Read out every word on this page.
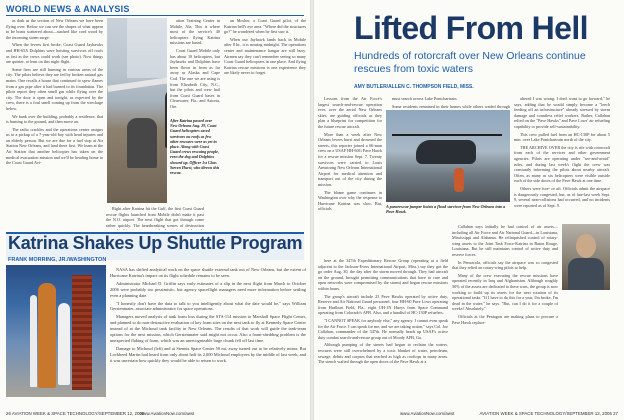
WORLD NEWS & ANALYSIS

as dark as the section of New Orleans we have been flying over. Below we can see the shapes of what appear to be boats scattered about—stacked like cord wood by the incoming storm surge.

When the levees first broke, Coast Guard Jayhawks and HH-65A Dolphins were hoisting survivors off roofs as fast as the crews could work (see photo). Now things are quieter, at least on this night flight.

Some fires are still burning in various areas of the city. The pilots believe they are fed by broken natural gas mains. One recalls a house that continued to spew flames from a gas pipe after it had burned to its foundation. The pilots report they often smell gas while flying over the city. The door is open and tonight, as expected by the crew, there is a foul smell coming up from the wreckage below.

We bank over the building, probably a residence, that is burning to the ground, and then move on.

The radio crackles and the operations center assigns us to a pickup of a 7-year-old boy with head injuries and an elderly person. But we are due for a fuel stop at Air Station New Orleans, and land there first. We learn at the Air Station that another helicopter has taken on the medical evacuation mission and we'll be heading home to the Coast Guard Avi-

ation Training Center in Mobile, Ala. This is where most of the service's 40 helicopters flying Katrina missions are based.

Coast Guard Mobile only has about 10 helicopters, but Jayhawks and Dolphins have been flown in from as far away as Alaska and Cape Cod. The one we are using is from Elizabeth City, N.C., but the pilots and crew hail from Coast Guard bases in Clearwater, Fla., and Astoria, Ore.

After Katrina passed over New Orleans Aug. 29, Coast Guard helicopters saved survivors on roofs as few other rescuers were as yet in place. Along with Coast Guard crews rescuing people, even the dog and Dolphins showed up. Officer 1st Class Steven Hurst, who directs this rescue.

Right after Katrina hit the Gulf, the first Coast Guard rescue flights launched from Mobile didn't make it past the N.O. airport. The next flight that got through came rather quickly. The heartbreaking scenes of destruction

an Mosher, a Coast Guard pilot, of the Katrina hell's eye area. "Where did the structures go?" he wondered when he first saw it.

When our Jayhawk lands back in Mobile after 8 hr., it is nearing midnight. The operations center and maintenance hangar are still busy. Airmen say they can't remember seeing so many Coast Guard helicopters in one place. And flying Katrina rescue missions is one experience they are likely never to forget.

Katrina Shakes Up Shuttle Program
FRANK MORRING, JR./WASHINGTON

NASA has shifted analytical work on the space shuttle external tank out of New Orleans, but the extent of Hurricane Katrina's impact on its flight schedule remains to be seen.

Administrator Michael D. Griffin says early estimates of a slip in the next flight from March to October 2006 were probably too pessimistic, but agency spaceflight managers need more information before settling even a planning date.

"I honestly don't have the data to talk to you intelligently about what the date would be," says William Gerstenmaier, associate administrator for space operations.

Managers moved analysis of tank foam loss during the STS-114 mission to Marshall Space Flight Center, and planned to do non-destructive evaluation of key foam sites on the next tank to fly at Kennedy Space Center instead of at the Michoud tank facility in New Orleans. The results of that work will guide the tank-team options for the next mission, which Gerstenmaier said might not occur. Also a foam-shedding problem is the unexpected flaking of foam, which was an unrecognizable large chunk fell off last time.

Damage to Michoud (left) and at Stennis Space Center 50 mi. away turned out to be relatively minor. But Lockheed Martin had heard from only about half its 2,000 Michoud employees by the middle of last week, and it was uncertain how quickly they would be able to return to work.

26 AVIATION WEEK & SPACE TECHNOLOGY/SEPTEMBER 12, 2005
www.AviationNow.com/awst
Lifted From Hell
Hundreds of rotorcraft over New Orleans continue rescues from toxic waters
AMY BUTLER/ALLEN C. THOMPSON FIELD, MISS.

Lessons from the Air Force's largest search-and-rescue operation ever, over the aerial New Orleans skies, are guiding officials as they plan a blueprint for competition for the future rescue aircraft.

More than a week after New Orleans levees burst and drowned the streets, this reporter joined a 66-man crew on a USAF HH-60G Pave Hawk for a rescue mission Sept. 7. Twenty survivors were carried to Louis Armstrong New Orleans International Airport for medical attention and transport out of the city during the mission.

The blame game continues in Washington over why the response to Hurricane Katrina was slow. But, officials

must search across Lake Pontchartrain.

Some residents remained in their homes while others waded through

A pararescue jumper hoists a flood survivor from New Orleans into a Pave Hawk.

here at the 347th Expeditionary Rescue Group (operating at a field adjacent to the Jackson-Evers International Airport, Miss.) say they got the go order Aug. 30, the day after the storm moved through. They had aircraft on the ground, brought permitting communications that have to cure and open networks were compromised by the storm) and began rescue missions within hours.

The group's aircraft include 23 Pave Hawks operated by active duty, Reserve and Air National Guard personnel, four HH-60 Pave Lows operating from Hurlburt Field, Fla., eight UH-1N Hueys from Space Command operating from Colorado's AFB. Also, and a handful of HC-130P refuelers.

"I CANNOT SPEAK for anybody else," any agency. I cannot even speak for the Air Force. I can speak for me, and we are taking action," says Col. Joe Callahan, commander of the 347th. He normally heads up USAF's active duty combat search-and-rescue group out of Moody AFB, Ga.

Although pumping of the streets had begun to reclaim the waters, rescuers were still overwhelmed by a toxic blanket of water, petroleum, sewage, debris and corpses that reached as high as rooftops in many areas. The stench wafted through the open doors of the Pave Hawk at a

altered I was wrong. I don't want to go forward," he says, adding that he would simply become a "leech feeding off an infrastructure" already stressed by storm damage and countless relief workers. Rather, Callahan relied on the "Pave Hawks" and Pave Lows' air refueling capability to provide self-sustainability.

This crew pulled fuel from an HC-130P for about 5 min. over Lake Pontchartrain north of the city.

THE ARCHIVE OVER the city is rife with rotorcraft from each of the services and other government agencies. Pilots are operating under "see-and-avoid" rules, and during last week's flight the crew was constantly informing the pilots about nearby aircraft. Often, as many as six helicopters were visible outside each of the side doors of the Pave Hawk at one time.

Others were fore- or aft. Officials admit the airspace is dangerously congested, but, as of late-last week Sept. 9, several near-collisions had occurred, and no incidents were reported as of Sept. 9.

Callahan says initially he had control of air assets—including all Air Force and Air National Guard—in Louisiana, Mississippi and Alabama. He relinquished control of rotary-wing assets to the Joint Task Force-Katrina in Baton Rouge, Louisiana. But he still maintains control of active duty and reserve forces.

In Pensacola, officials say the airspace was so congested that they relied on rotary-wing pilots to help.

Many of the crew executing the rescue missions have operated recently in Iraq and Afghanistan. Although roughly 30% of the assets are dedicated to these wars, the group is now working to build up its assets for the next rotation of its operational tasks. "If I have to do this for a year, I'm broke, I'm dead in the water," he says. "But, can I do it for a couple of weeks? Absolutely."

Officials at the Pentagon are making plans to procure a Pave Hawk replace-

www.AviationNow.com/awst	AVIATION WEEK & SPACE TECHNOLOGY/SEPTEMBER 12, 2005 27
